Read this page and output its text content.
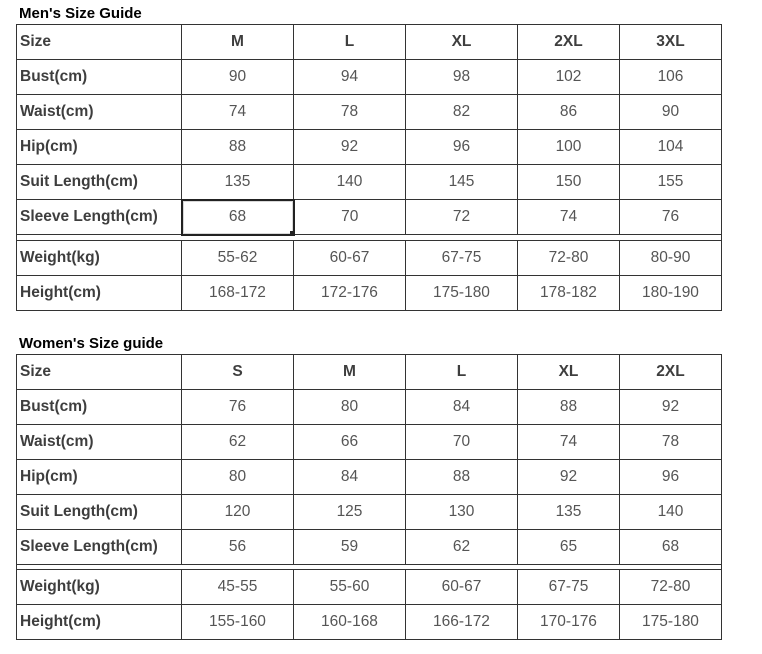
Men's Size Guide
Size	M	L	XL	2XL	3XL
Bust(cm)	90	94	98	102	106
Waist(cm)	74	78	82	86	90
Hip(cm)	88	92	96	100	104
Suit Length(cm)	135	140	145	150	155
Sleeve Length(cm)	68	70	72	74	76

Weight(kg)	55-62	60-67	67-75	72-80	80-90
Height(cm)	168-172	172-176	175-180	178-182	180-190
Women's Size guide
Size	S	M	L	XL	2XL
Bust(cm)	76	80	84	88	92
Waist(cm)	62	66	70	74	78
Hip(cm)	80	84	88	92	96
Suit Length(cm)	120	125	130	135	140
Sleeve Length(cm)	56	59	62	65	68

Weight(kg)	45-55	55-60	60-67	67-75	72-80
Height(cm)	155-160	160-168	166-172	170-176	175-180
